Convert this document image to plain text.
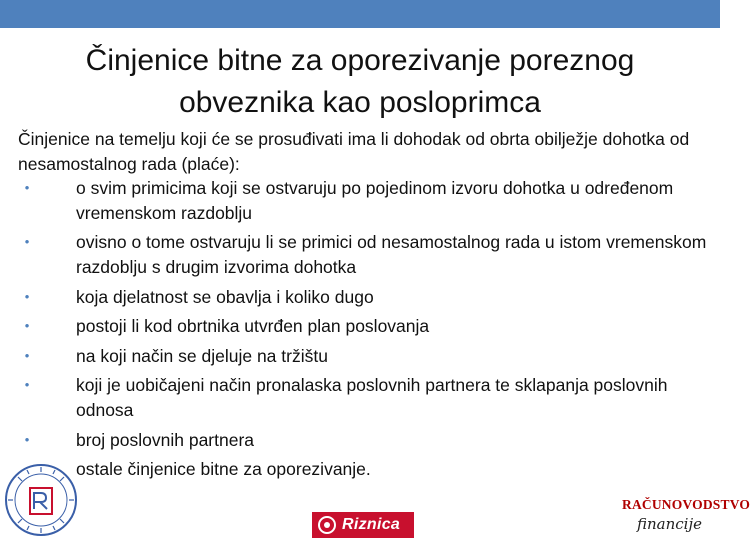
Činjenice bitne za oporezivanje poreznog
obveznika kao posloprimca

Činjenice na temelju koji će se prosuđivati ima li dohodak od obrta obilježje dohotka od nesamostalnog rada (plaće):

•	o svim primicima koji se ostvaruju po pojedinom izvoru dohotka u određenom vremenskom razdoblju
•	ovisno o tome ostvaruju li se primici od nesamostalnog rada u istom vremenskom razdoblju s drugim izvorima dohotka
•	koja djelatnost se obavlja i koliko dugo
•	postoji li kod obrtnika utvrđen plan poslovanja
•	na koji način se djeluje na tržištu
•	koji je uobičajeni način pronalaska poslovnih partnera te sklapanja poslovnih odnosa
•	broj poslovnih partnera
ostale činjenice bitne za oporezivanje.
Riznica
RAČUNOVODSTVO
financije
